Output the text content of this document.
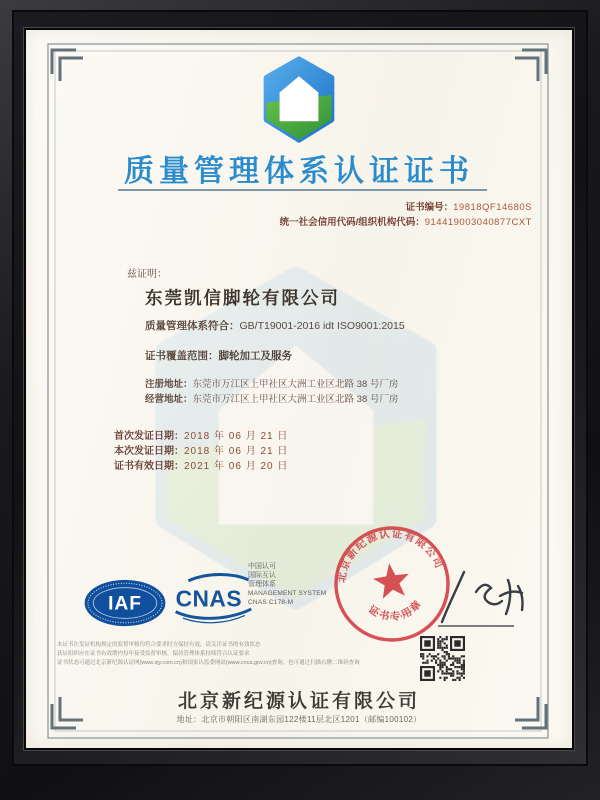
质量管理体系认证证书
证书编号：19818QF14680S
统一社会信用代码/组织机构代码：914419003040877CXT
兹证明：
东莞凯信脚轮有限公司
质量管理体系符合：GB/T19001-2016 idt ISO9001:2015
证书覆盖范围：脚轮加工及服务
注册地址：东莞市万江区上甲社区大洲工业区北路 38 号厂房
经营地址：东莞市万江区上甲社区大洲工业区北路 38 号厂房
首次发证日期：2018 年 06 月 21 日
本次发证日期：2018 年 06 月 21 日
证书有效日期：2021 年 06 月 20 日
IAF CNAS
中国认可
国际互认
管理体系
MANAGEMENT SYSTEM
CNAS C178-M
北京新纪源认证有限公司
证书专用章
本证书在发证机构规定的监督审核均符合要求时方保持有效，请关注证书的有效状态
获证组织应在证书有效期内每年接受监督审核，保持管理体系持续符合认证要求
证书状态可通过北京新纪源认证网(www.xjy.com.cn)和国家认监委网站(www.cnca.gov.cn)查询、也可通过扫描右侧二维码查询
北京新纪源认证有限公司
地址：北京市朝阳区南湖东园122楼11层北区1201（邮编100102）
